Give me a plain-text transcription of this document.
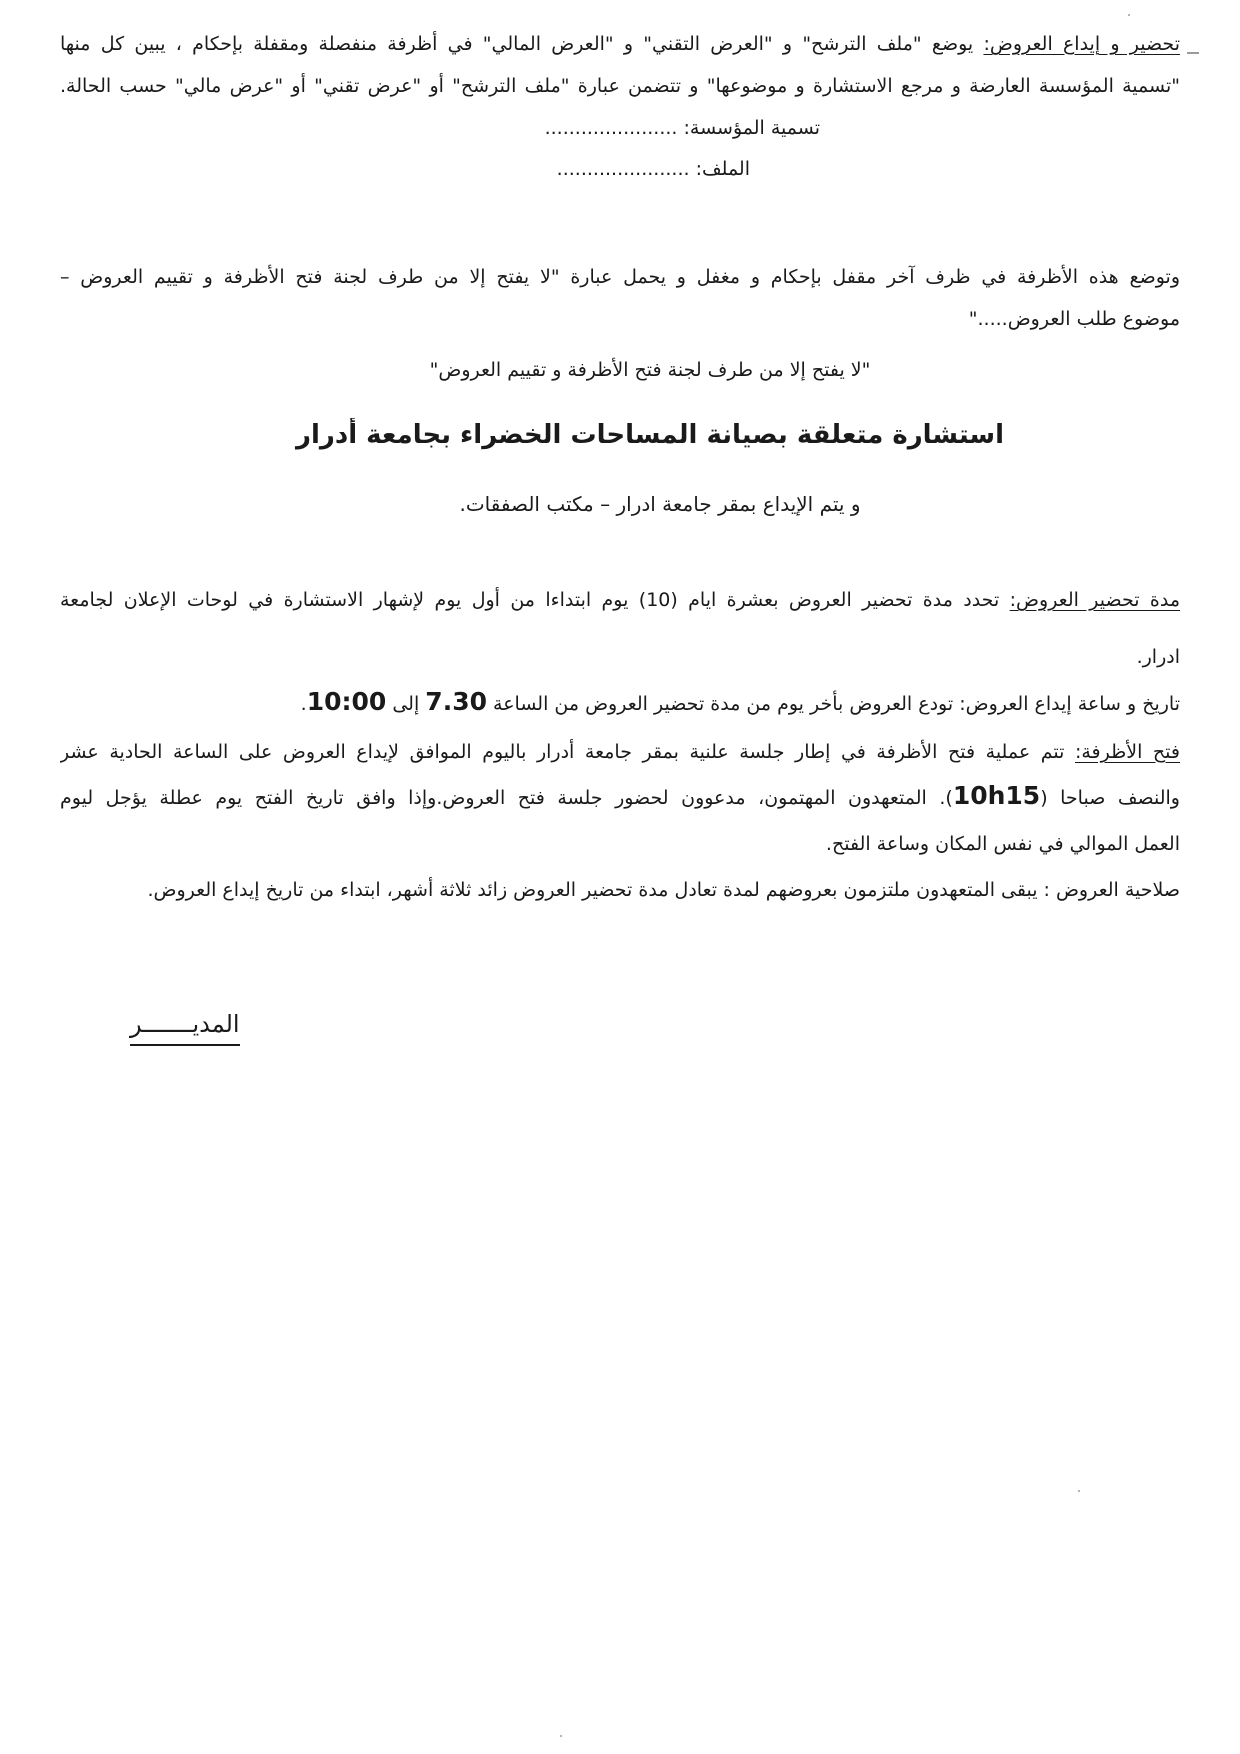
تحضير و إيداع العروض: يوضع "ملف الترشح" و "العرض التقني" و "العرض المالي" في أظرفة منفصلة ومقفلة بإحكام ، يبين كل منها
"تسمية المؤسسة العارضة و مرجع الاستشارة و موضوعها" و تتضمن عبارة "ملف الترشح" أو "عرض تقني" أو "عرض مالي" حسب الحالة.
تسمية المؤسسة: ......................
الملف: ......................
وتوضع هذه الأظرفة في ظرف آخر مقفل بإحكام و مغفل و يحمل عبارة "لا يفتح إلا من طرف لجنة فتح الأظرفة و تقييم العروض –
موضوع طلب العروض....."
"لا يفتح إلا من طرف لجنة فتح الأظرفة و تقييم العروض"
استشارة متعلقة بصيانة المساحات الخضراء بجامعة أدرار
و يتم الإيداع بمقر جامعة ادرار – مكتب الصفقات.
مدة تحضير العروض: تحدد مدة تحضير العروض بعشرة ايام (10) يوم ابتداءا من أول يوم لإشهار الاستشارة في لوحات الإعلان لجامعة
ادرار.
تاريخ و ساعة إيداع العروض: تودع العروض بأخر يوم من مدة تحضير العروض من الساعة 7.30 إلى 10:00.
فتح الأظرفة: تتم عملية فتح الأظرفة في إطار جلسة علنية بمقر جامعة أدرار باليوم الموافق لإيداع العروض على الساعة الحادية عشر
والنصف صباحا (10h15). المتعهدون المهتمون، مدعوون لحضور جلسة فتح العروض.وإذا وافق تاريخ الفتح يوم عطلة يؤجل ليوم
العمل الموالي في نفس المكان وساعة الفتح.
صلاحية العروض : يبقى المتعهدون ملتزمون بعروضهم لمدة تعادل مدة تحضير العروض زائد ثلاثة أشهر، ابتداء من تاريخ إيداع العروض.
المديـــــــر
